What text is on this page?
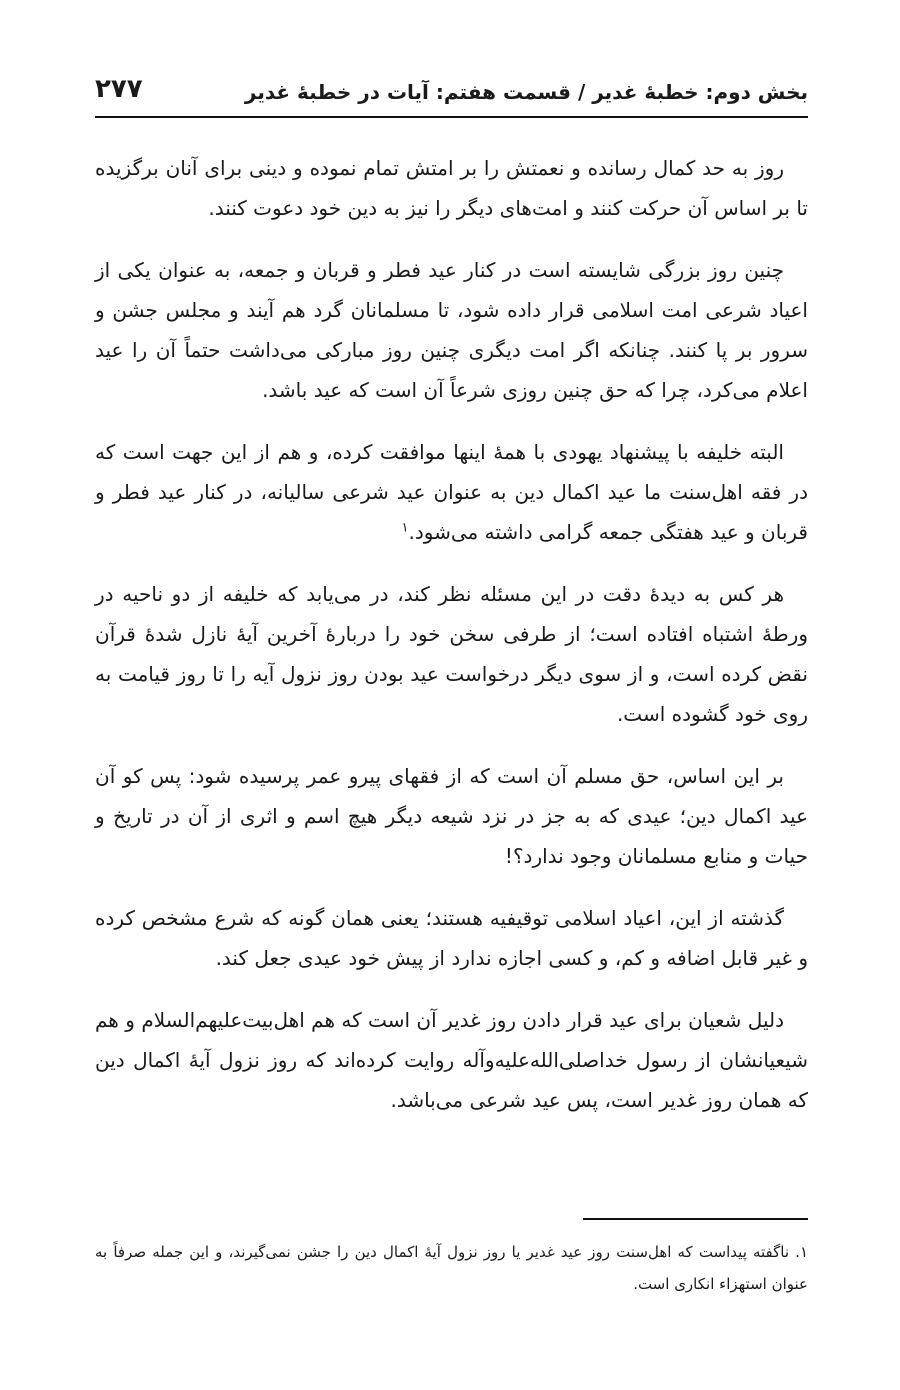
بخش دوم: خطبهٔ غدیر / قسمت هفتم: آیات در خطبهٔ غدیر
۲۷۷

روز به حد کمال رسانده و نعمتش را بر امتش تمام نموده و دینی برای آنان برگزیده تا بر اساس آن حرکت کنند و امت‌های دیگر را نیز به دین خود دعوت کنند.

چنین روز بزرگی شایسته است در کنار عید فطر و قربان و جمعه، به عنوان یکی از اعیاد شرعی امت اسلامی قرار داده شود، تا مسلمانان گرد هم آیند و مجلس جشن و سرور بر پا کنند. چنانکه اگر امت دیگری چنین روز مبارکی می‌داشت حتماً آن را عید اعلام می‌کرد، چرا که حق چنین روزی شرعاً آن است که عید باشد.

البته خلیفه با پیشنهاد یهودی با همهٔ اینها موافقت کرده، و هم از این جهت است که در فقه اهل‌سنت ما عید اکمال دین به عنوان عید شرعی سالیانه، در کنار عید فطر و قربان و عید هفتگی جمعه گرامی داشته می‌شود.$^۱$

هر کس به دیدهٔ دقت در این مسئله نظر کند، در می‌یابد که خلیفه از دو ناحیه در ورطهٔ اشتباه افتاده است؛ از طرفی سخن خود را دربارهٔ آخرین آیهٔ نازل شدهٔ قرآن نقض کرده است، و از سوی دیگر درخواست عید بودن روز نزول آیه را تا روز قیامت به روی خود گشوده است.

بر این اساس، حق مسلم آن است که از فقهای پیرو عمر پرسیده شود: پس کو آن عید اکمال دین؛ عیدی که به جز در نزد شیعه دیگر هیچ اسم و اثری از آن در تاریخ و حیات و منابع مسلمانان وجود ندارد؟!

گذشته از این، اعیاد اسلامی توقیفیه هستند؛ یعنی همان گونه که شرع مشخص کرده و غیر قابل اضافه و کم، و کسی اجازه ندارد از پیش خود عیدی جعل کند.

دلیل شعیان برای عید قرار دادن روز غدیر آن است که هم اهل‌بیت‌علیهم‌السلام و هم شیعیانشان از رسول خداصلی‌الله‌علیه‌وآله روایت کرده‌اند که روز نزول آیهٔ اکمال دین که همان روز غدیر است، پس عید شرعی می‌باشد.

۱. ناگفته پیداست که اهل‌سنت روز عید غدیر یا روز نزول آیهٔ اکمال دین را جشن نمی‌گیرند، و این جمله صرفاً به عنوان استهزاء انکاری است.
